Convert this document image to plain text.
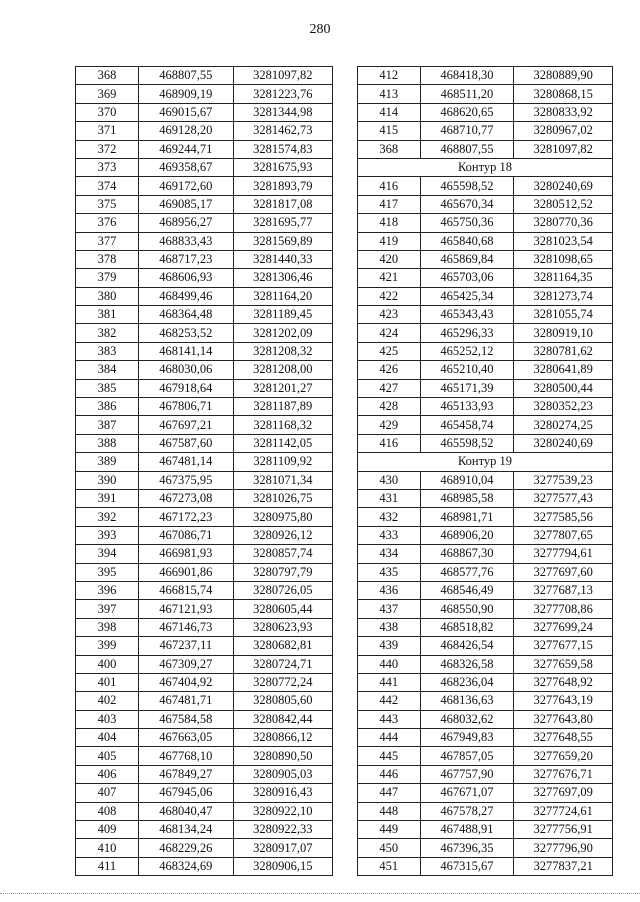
280
368	468807,55	3281097,82
369	468909,19	3281223,76
370	469015,67	3281344,98
371	469128,20	3281462,73
372	469244,71	3281574,83
373	469358,67	3281675,93
374	469172,60	3281893,79
375	469085,17	3281817,08
376	468956,27	3281695,77
377	468833,43	3281569,89
378	468717,23	3281440,33
379	468606,93	3281306,46
380	468499,46	3281164,20
381	468364,48	3281189,45
382	468253,52	3281202,09
383	468141,14	3281208,32
384	468030,06	3281208,00
385	467918,64	3281201,27
386	467806,71	3281187,89
387	467697,21	3281168,32
388	467587,60	3281142,05
389	467481,14	3281109,92
390	467375,95	3281071,34
391	467273,08	3281026,75
392	467172,23	3280975,80
393	467086,71	3280926,12
394	466981,93	3280857,74
395	466901,86	3280797,79
396	466815,74	3280726,05
397	467121,93	3280605,44
398	467146,73	3280623,93
399	467237,11	3280682,81
400	467309,27	3280724,71
401	467404,92	3280772,24
402	467481,71	3280805,60
403	467584,58	3280842,44
404	467663,05	3280866,12
405	467768,10	3280890,50
406	467849,27	3280905,03
407	467945,06	3280916,43
408	468040,47	3280922,10
409	468134,24	3280922,33
410	468229,26	3280917,07
411	468324,69	3280906,15
412	468418,30	3280889,90
413	468511,20	3280868,15
414	468620,65	3280833,92
415	468710,77	3280967,02
368	468807,55	3281097,82
Контур 18		
416	465598,52	3280240,69
417	465670,34	3280512,52
418	465750,36	3280770,36
419	465840,68	3281023,54
420	465869,84	3281098,65
421	465703,06	3281164,35
422	465425,34	3281273,74
423	465343,43	3281055,74
424	465296,33	3280919,10
425	465252,12	3280781,62
426	465210,40	3280641,89
427	465171,39	3280500,44
428	465133,93	3280352,23
429	465458,74	3280274,25
416	465598,52	3280240,69
Контур 19		
430	468910,04	3277539,23
431	468985,58	3277577,43
432	468981,71	3277585,56
433	468906,20	3277807,65
434	468867,30	3277794,61
435	468577,76	3277697,60
436	468546,49	3277687,13
437	468550,90	3277708,86
438	468518,82	3277699,24
439	468426,54	3277677,15
440	468326,58	3277659,58
441	468236,04	3277648,92
442	468136,63	3277643,19
443	468032,62	3277643,80
444	467949,83	3277648,55
445	467857,05	3277659,20
446	467757,90	3277676,71
447	467671,07	3277697,09
448	467578,27	3277724,61
449	467488,91	3277756,91
450	467396,35	3277796,90
451	467315,67	3277837,21
